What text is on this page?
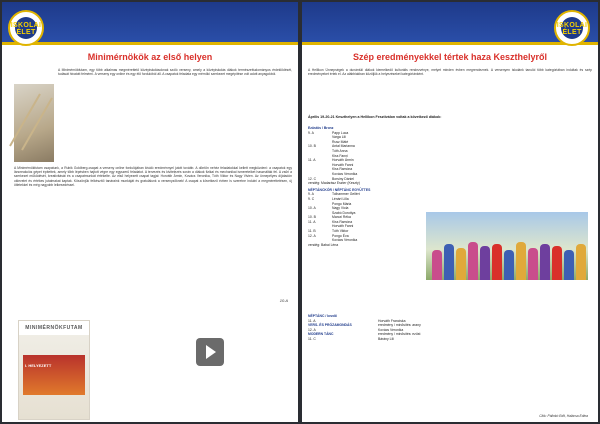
ISKOLAI ÉLET
Minimérnökök az első helyen
A Minimérnökfutam, egy több alkalmas megmérettető középiskolásoknak szóló verseny, amely a középiskolás diákok természettudományos érdeklődését, tudását hivatott felmérni. A verseny egy online és egy élő fordulóból áll. A csapatok feladata egy mérnöki szerkezet megépítése volt adott anyagokból.
A Minimérnökfutam csapatunk, a Rubik Goldberg-csapat a verseny online fordulójában kiváló eredménnyel jutott tovább. A döntőn nehéz feladatokkal kellett megküzdeni: a csapatok egy láncreakciós gépet építettek, amely több lépésben hajtott végre egy egyszerű feladatot. A tervezés és kivitelezés során a diákok fizikai és mechanikai ismereteiket használták fel. A zsűri a szerkezet működését, kreativitását és a csapatmunkát értékelte. Az első helyezett csapat tagjai: Horváth Ármin, Kovács Veronika, Tóth Viktor és Nagy Vivien. Az ünnepélyes díjátadón oklevelet és értékes jutalmakat kaptak. Köszönjük felkészítő tanáraink munkáját és gratulálunk a versenyzőknek! A csapat a következő évben is szeretne indulni a megmérettetésen, új ötletekkel és még nagyobb lelkesedéssel.
10.A
MINIMÉRNÖKFUTAM
I. HELYEZETT
ISKOLAI ÉLET
Szép eredményekkel tértek haza Keszthelyről
A Hellikon Ünnepségek a dunántúli diákok kiemelkedő kulturális rendezvénye, melyet minden évben megrendeznek. A versenyen iskolánk tanulói több kategóriában indultak és szép eredményeket értek el. Az alábbiakban közöljük a helyezéseket kategóriánként.
Április 19-20-21 Keszthelyen a Hellikon Fesztiválon voltak a következő diákok:
Ezüstös / Bronz
9. A	Papp Luca
Varga Lili
Rusz Máté
10. B	Antal Marianna
Tóth Anna
Kiss Fanni
11. A	Horváth Ármin
Horváth Fanni
Kiss Ramóna
Kovács Veronika
12. C	Borsiny Dániel
vendég: Madarász Eszter (Keszty)
NÉPTÁNCKÓR / NÉPTÁNC EGYÜTTES
9. A	Tolhammer Gellért
9. C	Lénárt Lilla
Pongo Mária
10. A	Nagy Viola
Szabó Dorottya
10. B	Marczi Réka
11. A	Kiss Ramóna
Horváth Fanni
11. B	Tóth Viktor
12. A	Pongo Éva
Kovács Veronika
vendég: Babai Léna
NÉPTÁNC / kezdő
11. A	Horváth Franciska
VERS- ÉS PRÓZAMONDÁS	eredmény / minősítés: arany
12. A	Kovács Veronika
MODERN TÁNC	eredmény / minősítés: ezüst
11. C	Bárány Lili
Cikk: Pálinkó Edit, Halácsa Edina
